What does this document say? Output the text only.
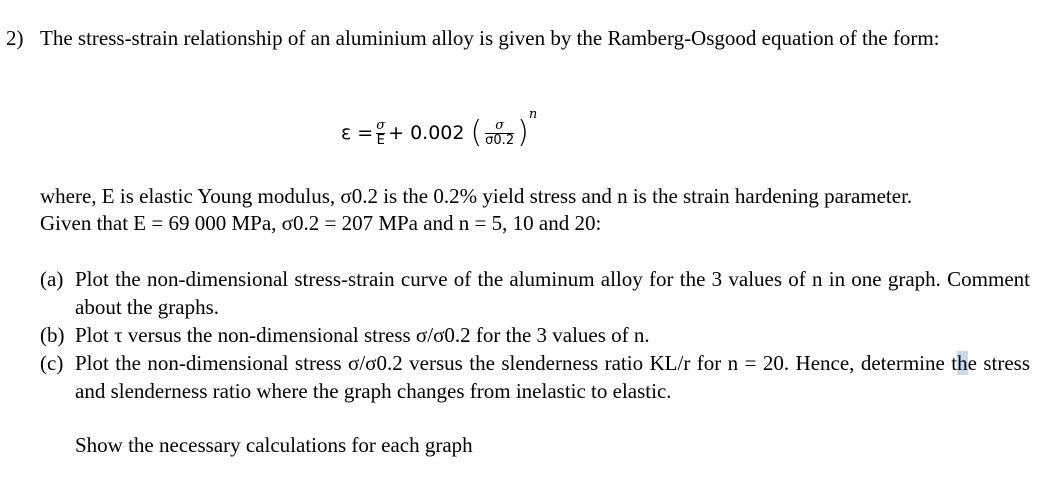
2) The stress-strain relationship of an aluminium alloy is given by the Ramberg-Osgood equation of the form:
$\varepsilon = \frac{\sigma}{E} + 0.002$  ( $\frac{\sigma}{\sigma 0.2}$ )
n
where, E is elastic Young modulus, σ0.2 is the 0.2% yield stress and n is the strain hardening parameter.
Given that E = 69 000 MPa, σ0.2 = 207 MPa and n = 5, 10 and 20:
(a) Plot the non-dimensional stress-strain curve of the aluminum alloy for the 3 values of n in one graph. Comment about the graphs.
(b) Plot τ versus the non-dimensional stress σ/σ0.2 for the 3 values of n.
(c) Plot the non-dimensional stress σ/σ0.2 versus the slenderness ratio KL/r for n = 20. Hence, determine the stress and slenderness ratio where the graph changes from inelastic to elastic.
Show the necessary calculations for each graph
